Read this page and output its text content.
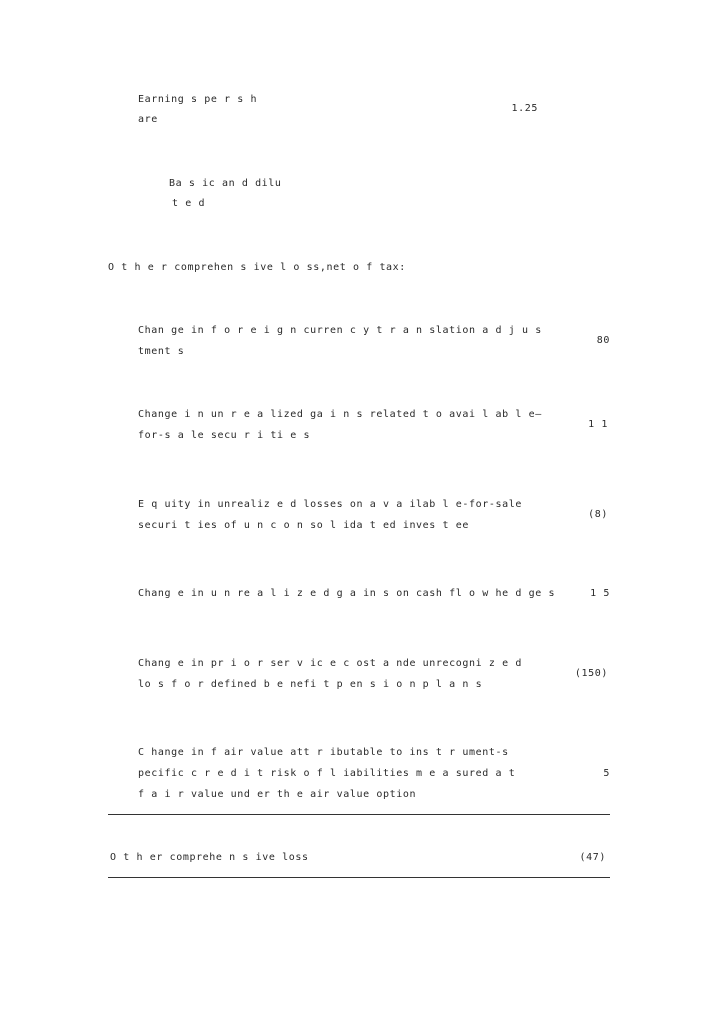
Earning s pe r s h
are
1.25
Ba s ic an d dilu
t e d
O t h e r comprehen s ive l o ss,net o f tax:
Chan ge in f o r e i g n curren c y t r a n slation a d j u s
tment s
80
Change i n un r e a lized ga i n s related t o avai l ab l e—
for-s a le secu r i ti e s
1 1
E q uity in unrealiz e d losses on a v a ilab l e-for-sale
securi t ies of u n c o n so l ida t ed inves t ee
(8)
Chang e in u n re a l i z e d g a in s on cash fl o w he d ge s	1 5
Chang e in pr i o r ser v ic e c ost a nde unrecogni z e d
lo s f o r defined b e nefi t p en s i o n p l a n s
(150)
C hange in f air value att r ibutable to ins t r ument-s
pecific c r e d i t risk o f l iabilities m e a sured a t
f a i r value und er th e air value option
5
O t h er comprehe n s ive loss	(47)
